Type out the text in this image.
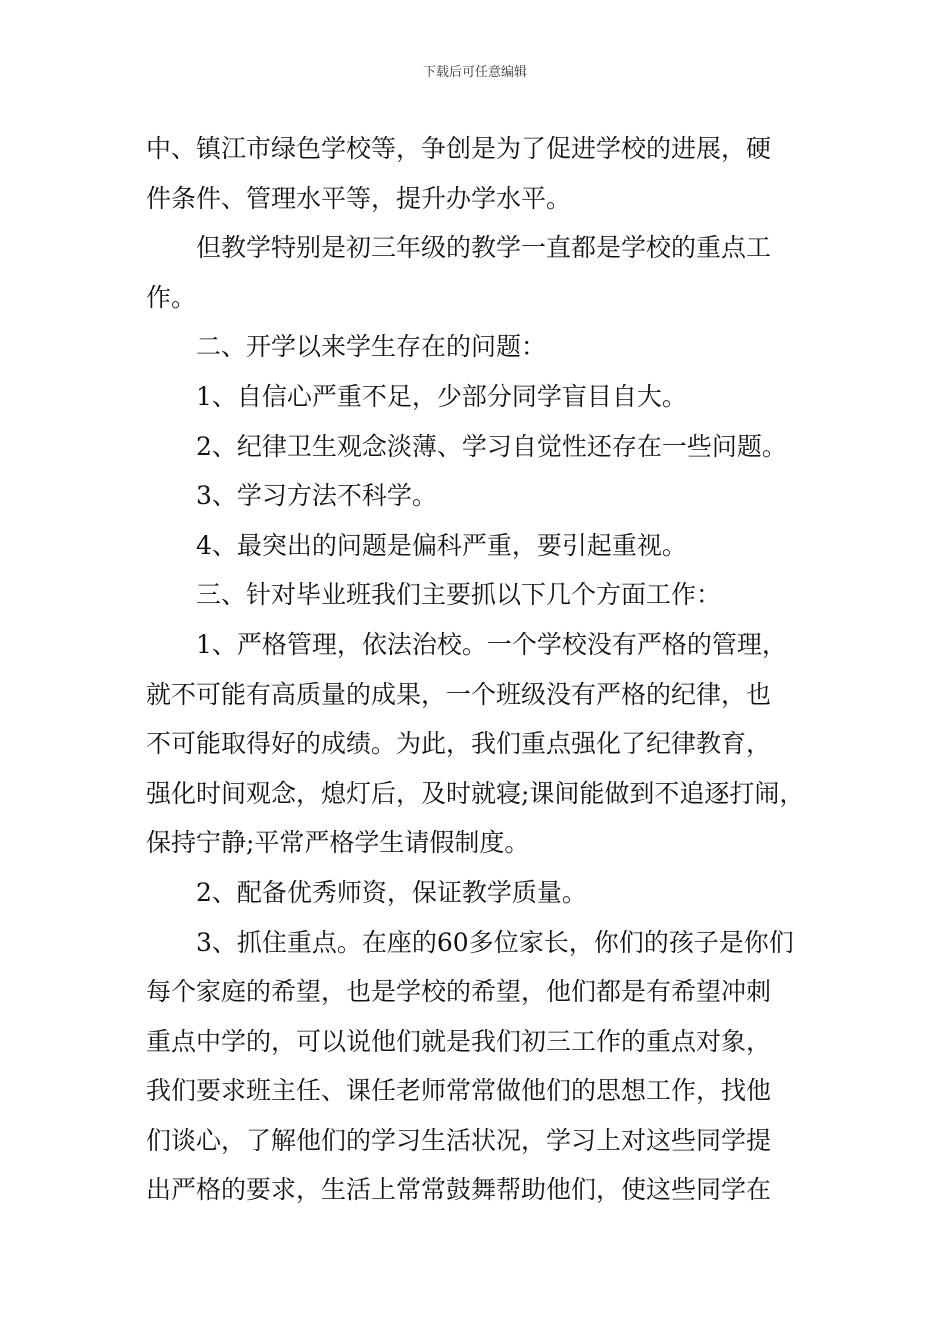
下载后可任意编辑
中、镇江市绿色学校等，争创是为了促进学校的进展，硬
件条件、管理水平等，提升办学水平。
但教学特别是初三年级的教学一直都是学校的重点工
作。
二、开学以来学生存在的问题：
1、自信心严重不足，少部分同学盲目自大。
2、纪律卫生观念淡薄、学习自觉性还存在一些问题。
3、学习方法不科学。
4、最突出的问题是偏科严重，要引起重视。
三、针对毕业班我们主要抓以下几个方面工作：
1、严格管理，依法治校。一个学校没有严格的管理，
就不可能有高质量的成果，一个班级没有严格的纪律，也
不可能取得好的成绩。为此，我们重点强化了纪律教育，
强化时间观念，熄灯后，及时就寝;课间能做到不追逐打闹，
保持宁静;平常严格学生请假制度。
2、配备优秀师资，保证教学质量。
3、抓住重点。在座的60多位家长，你们的孩子是你们
每个家庭的希望，也是学校的希望，他们都是有希望冲刺
重点中学的，可以说他们就是我们初三工作的重点对象，
我们要求班主任、课任老师常常做他们的思想工作，找他
们谈心，了解他们的学习生活状况，学习上对这些同学提
出严格的要求，生活上常常鼓舞帮助他们，使这些同学在
